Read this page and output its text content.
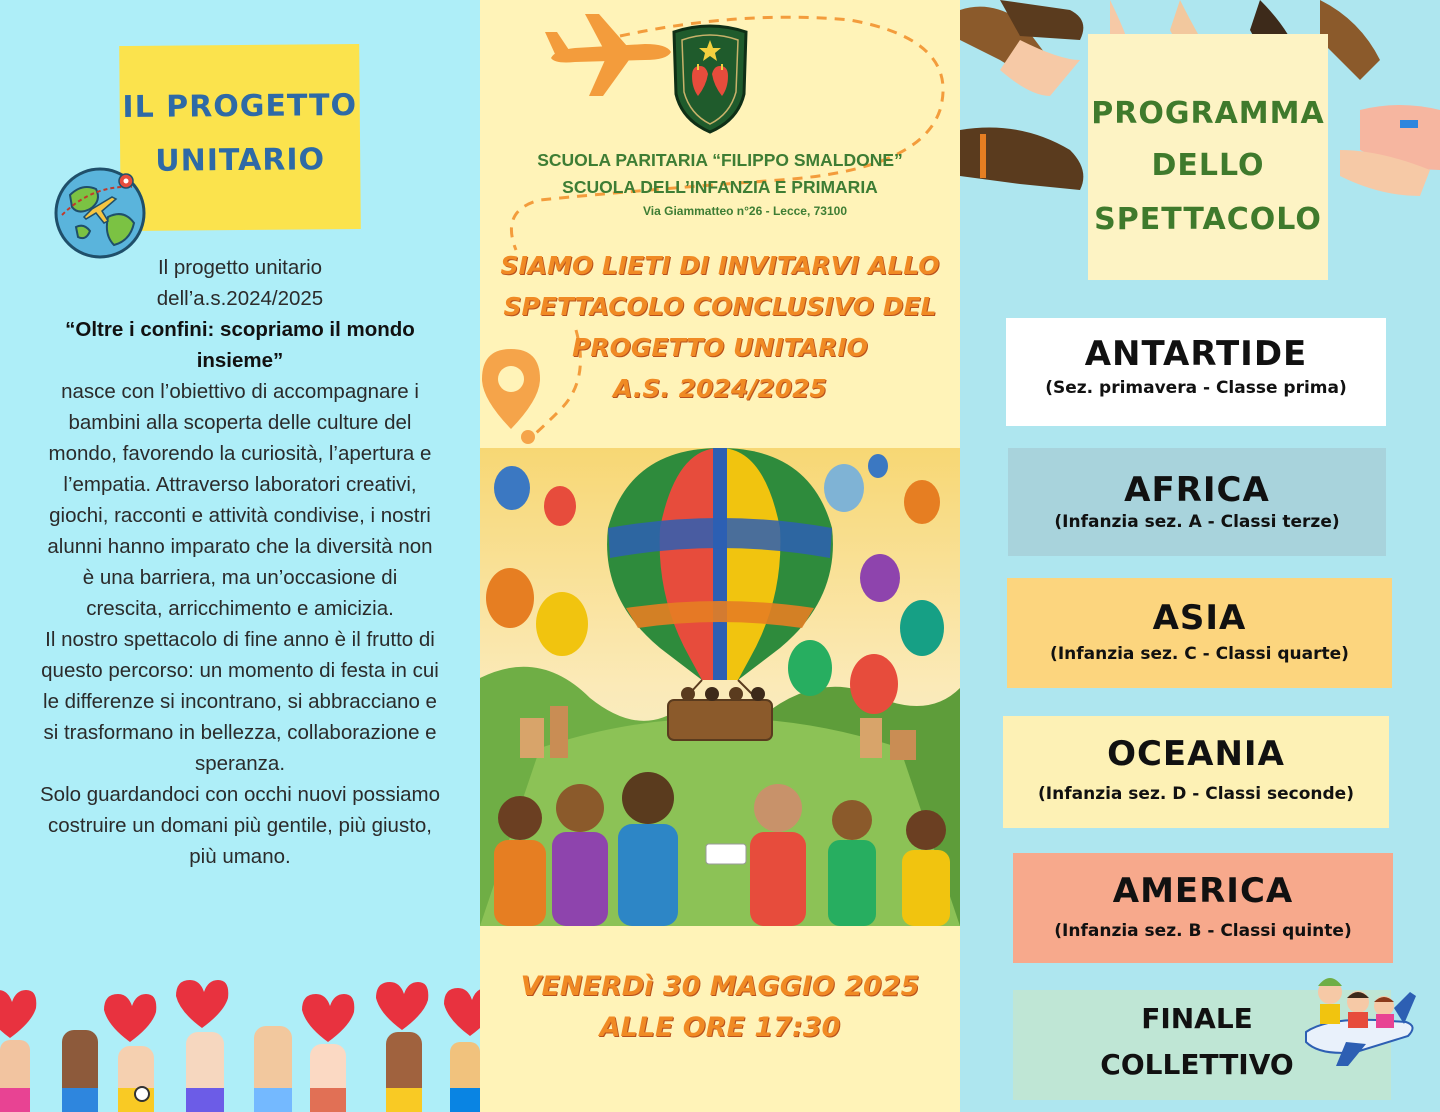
IL PROGETTO
UNITARIO
Il progetto unitario
dell’a.s.2024/2025
“Oltre i confini: scopriamo il mondo insieme”
nasce con l’obiettivo di accompagnare i bambini alla scoperta delle culture del mondo, favorendo la curiosità, l’apertura e l’empatia. Attraverso laboratori creativi, giochi, racconti e attività condivise, i nostri alunni hanno imparato che la diversità non è una barriera, ma un’occasione di crescita, arricchimento e amicizia.
Il nostro spettacolo di fine anno è il frutto di questo percorso: un momento di festa in cui le differenze si incontrano, si abbracciano e si trasformano in bellezza, collaborazione e speranza.
Solo guardandoci con occhi nuovi possiamo costruire un domani più gentile, più giusto, più umano.
SCUOLA PARITARIA “FILIPPO SMALDONE”
SCUOLA DELL’INFANZIA E PRIMARIA
Via Giammatteo n°26 - Lecce, 73100
SIAMO LIETI DI INVITARVI ALLO
SPETTACOLO CONCLUSIVO DEL
PROGETTO UNITARIO
A.S. 2024/2025
VENERDì 30 MAGGIO 2025
ALLE ORE 17:30
PROGRAMMA
DELLO
SPETTACOLO
ANTARTIDE
(Sez. primavera - Classe prima)
AFRICA
(Infanzia sez. A - Classi terze)
ASIA
(Infanzia sez. C - Classi quarte)
OCEANIA
(Infanzia sez. D - Classi seconde)
AMERICA
(Infanzia sez. B - Classi quinte)
FINALE
COLLETTIVO
